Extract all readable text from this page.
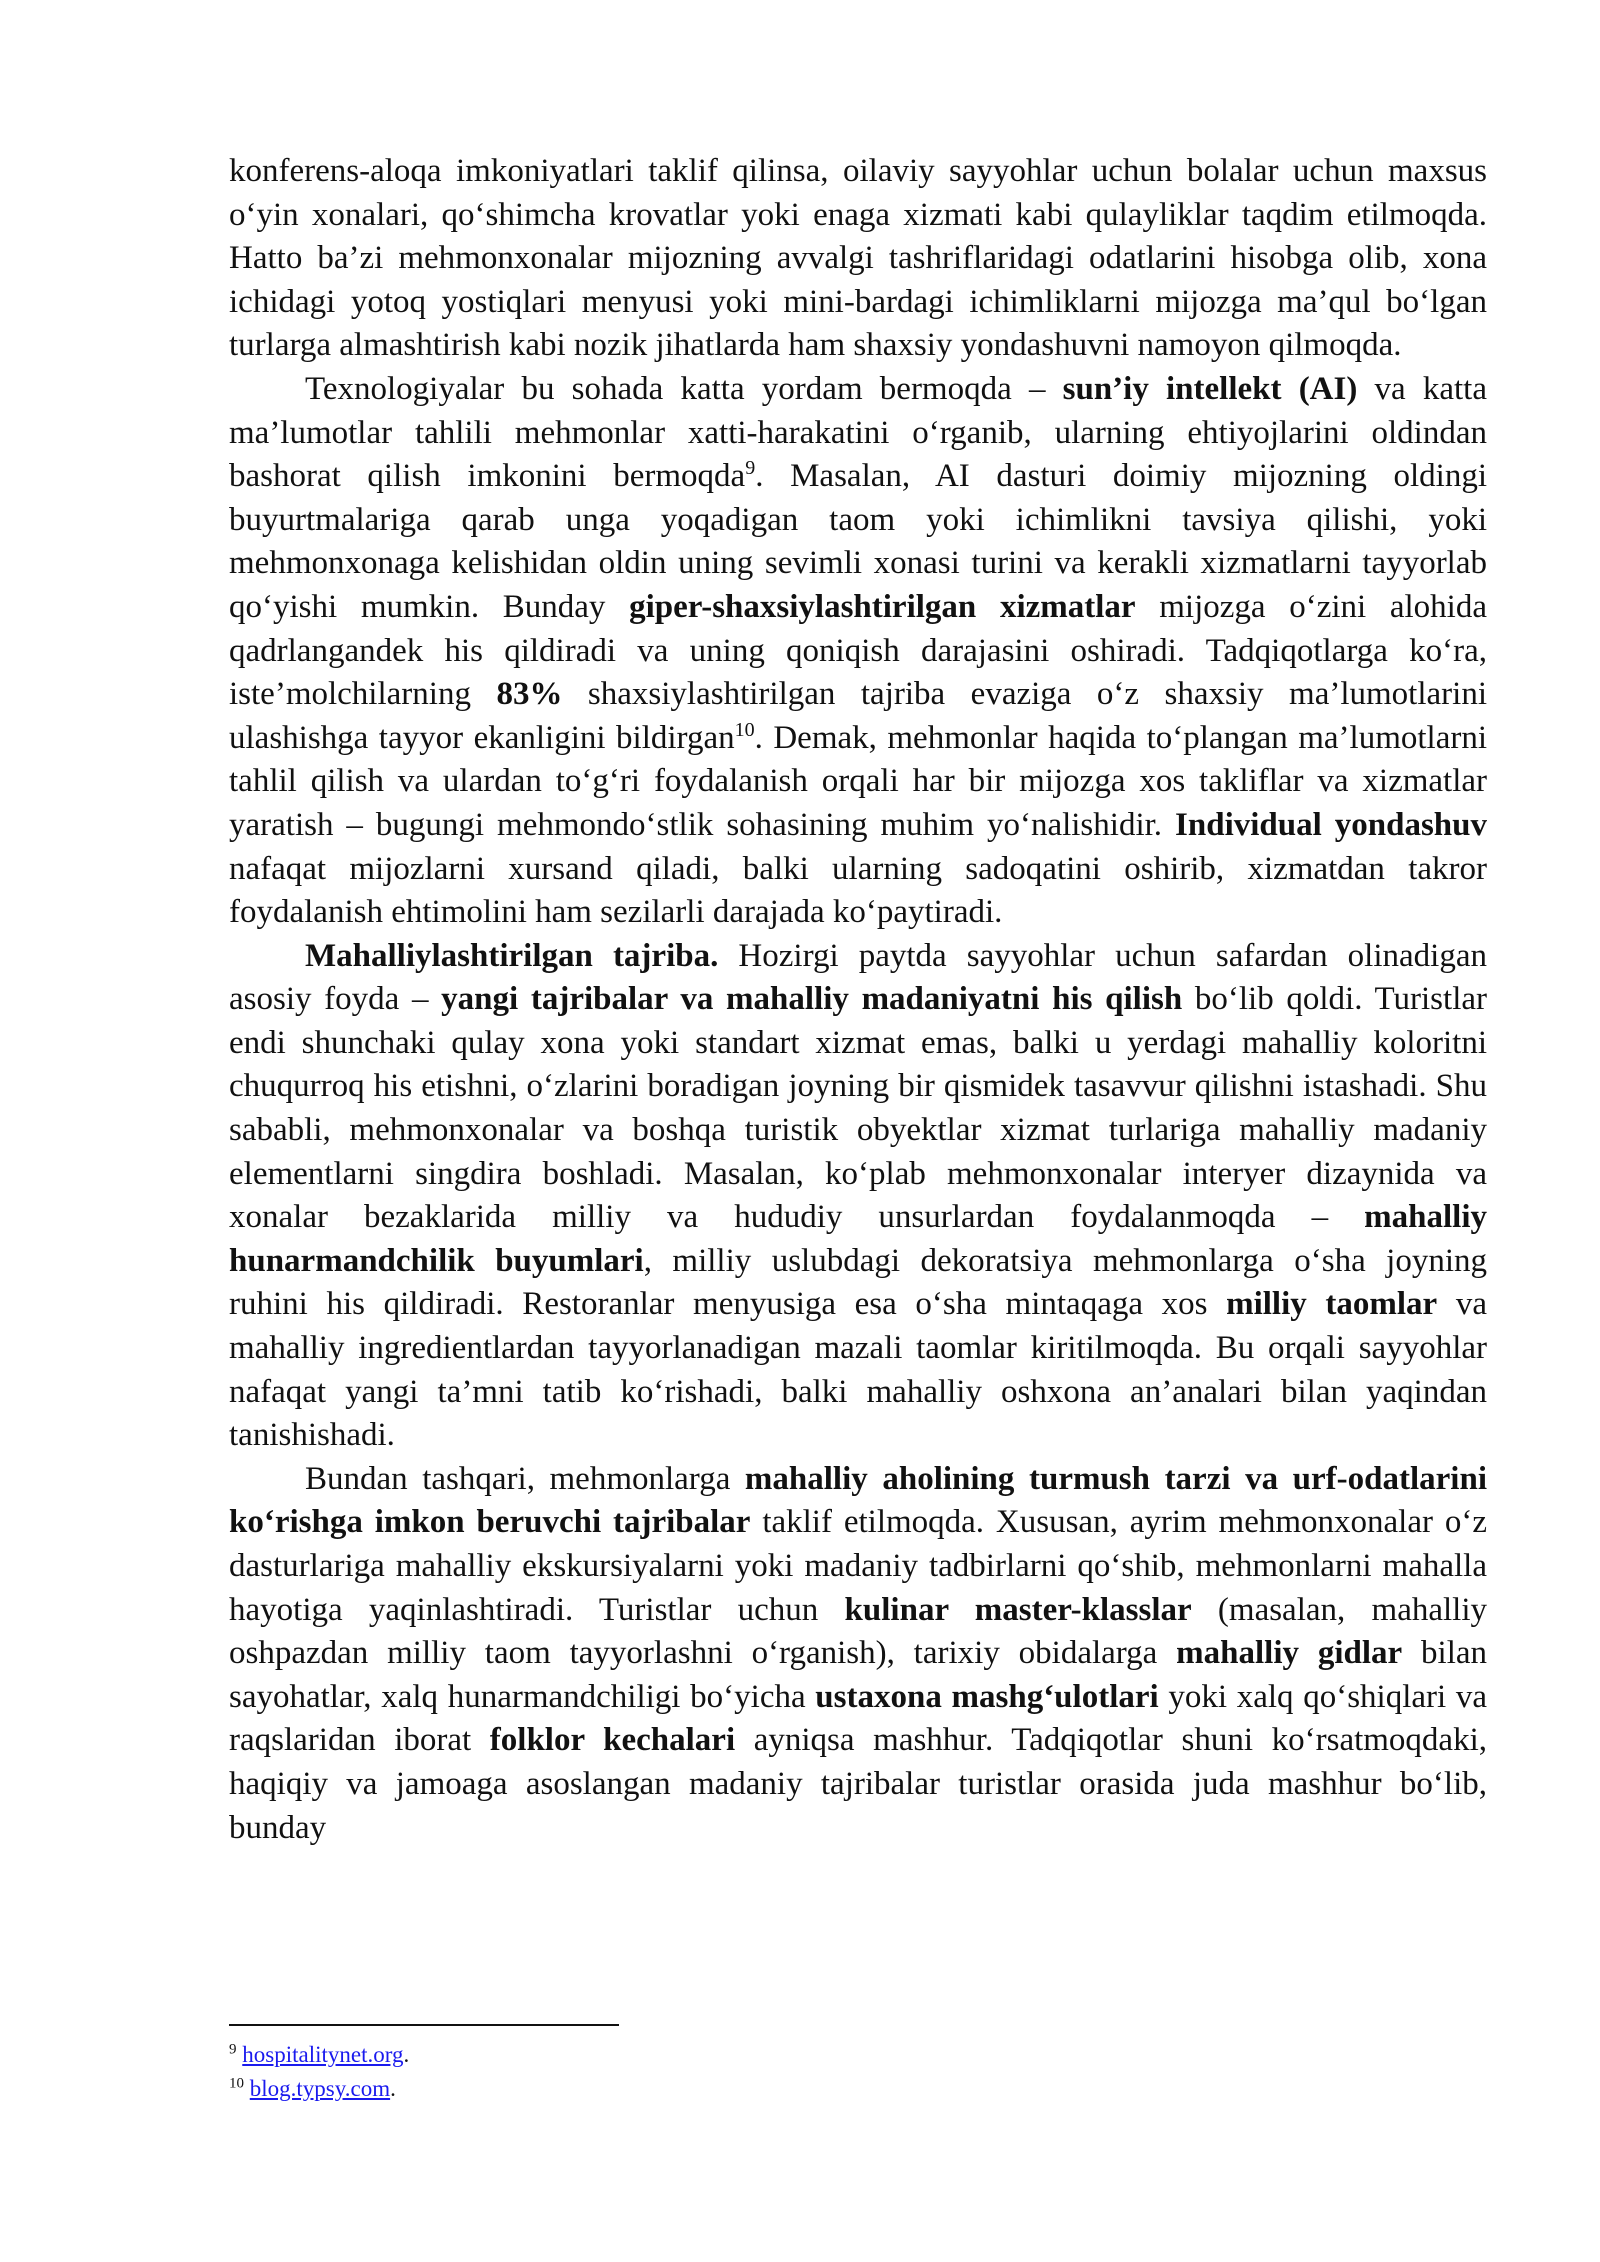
konferens-aloqa imkoniyatlari taklif qilinsa, oilaviy sayyohlar uchun bolalar uchun maxsus o‘yin xonalari, qo‘shimcha krovatlar yoki enaga xizmati kabi qulayliklar taqdim etilmoqda. Hatto ba’zi mehmonxonalar mijozning avvalgi tashriflaridagi odatlarini hisobga olib, xona ichidagi yotoq yostiqlari menyusi yoki mini-bardagi ichimliklarni mijozga ma’qul bo‘lgan turlarga almashtirish kabi nozik jihatlarda ham shaxsiy yondashuvni namoyon qilmoqda.

Texnologiyalar bu sohada katta yordam bermoqda – sun’iy intellekt (AI) va katta ma’lumotlar tahlili mehmonlar xatti-harakatini o‘rganib, ularning ehtiyojlarini oldindan bashorat qilish imkonini bermoqda$^9$. Masalan, AI dasturi doimiy mijozning oldingi buyurtmalariga qarab unga yoqadigan taom yoki ichimlikni tavsiya qilishi, yoki mehmonxonaga kelishidan oldin uning sevimli xonasi turini va kerakli xizmatlarni tayyorlab qo‘yishi mumkin. Bunday giper-shaxsiylashtirilgan xizmatlar mijozga o‘zini alohida qadrlangandek his qildiradi va uning qoniqish darajasini oshiradi. Tadqiqotlarga ko‘ra, iste’molchilarning 83% shaxsiylashtirilgan tajriba evaziga o‘z shaxsiy ma’lumotlarini ulashishga tayyor ekanligini bildirgan$^{10}$. Demak, mehmonlar haqida to‘plangan ma’lumotlarni tahlil qilish va ulardan to‘g‘ri foydalanish orqali har bir mijozga xos takliflar va xizmatlar yaratish – bugungi mehmondo‘stlik sohasining muhim yo‘nalishidir. Individual yondashuv nafaqat mijozlarni xursand qiladi, balki ularning sadoqatini oshirib, xizmatdan takror foydalanish ehtimolini ham sezilarli darajada ko‘paytiradi.

Mahalliylashtirilgan tajriba. Hozirgi paytda sayyohlar uchun safardan olinadigan asosiy foyda – yangi tajribalar va mahalliy madaniyatni his qilish bo‘lib qoldi. Turistlar endi shunchaki qulay xona yoki standart xizmat emas, balki u yerdagi mahalliy koloritni chuqurroq his etishni, o‘zlarini boradigan joyning bir qismidek tasavvur qilishni istashadi. Shu sababli, mehmonxonalar va boshqa turistik obyektlar xizmat turlariga mahalliy madaniy elementlarni singdira boshladi. Masalan, ko‘plab mehmonxonalar interyer dizaynida va xonalar bezaklarida milliy va hududiy unsurlardan foydalanmoqda – mahalliy hunarmandchilik buyumlari, milliy uslubdagi dekoratsiya mehmonlarga o‘sha joyning ruhini his qildiradi. Restoranlar menyusiga esa o‘sha mintaqaga xos milliy taomlar va mahalliy ingredientlardan tayyorlanadigan mazali taomlar kiritilmoqda. Bu orqali sayyohlar nafaqat yangi ta’mni tatib ko‘rishadi, balki mahalliy oshxona an’analari bilan yaqindan tanishishadi.

Bundan tashqari, mehmonlarga mahalliy aholining turmush tarzi va urf-odatlarini ko‘rishga imkon beruvchi tajribalar taklif etilmoqda. Xususan, ayrim mehmonxonalar o‘z dasturlariga mahalliy ekskursiyalarni yoki madaniy tadbirlarni qo‘shib, mehmonlarni mahalla hayotiga yaqinlashtiradi. Turistlar uchun kulinar master-klasslar (masalan, mahalliy oshpazdan milliy taom tayyorlashni o‘rganish), tarixiy obidalarga mahalliy gidlar bilan sayohatlar, xalq hunarmandchiligi bo‘yicha ustaxona mashg‘ulotlari yoki xalq qo‘shiqlari va raqslaridan iborat folklor kechalari ayniqsa mashhur. Tadqiqotlar shuni ko‘rsatmoqdaki, haqiqiy va jamoaga asoslangan madaniy tajribalar turistlar orasida juda mashhur bo‘lib, bunday

$^9$ hospitalitynet.org.
$^{10}$ blog.typsy.com.
